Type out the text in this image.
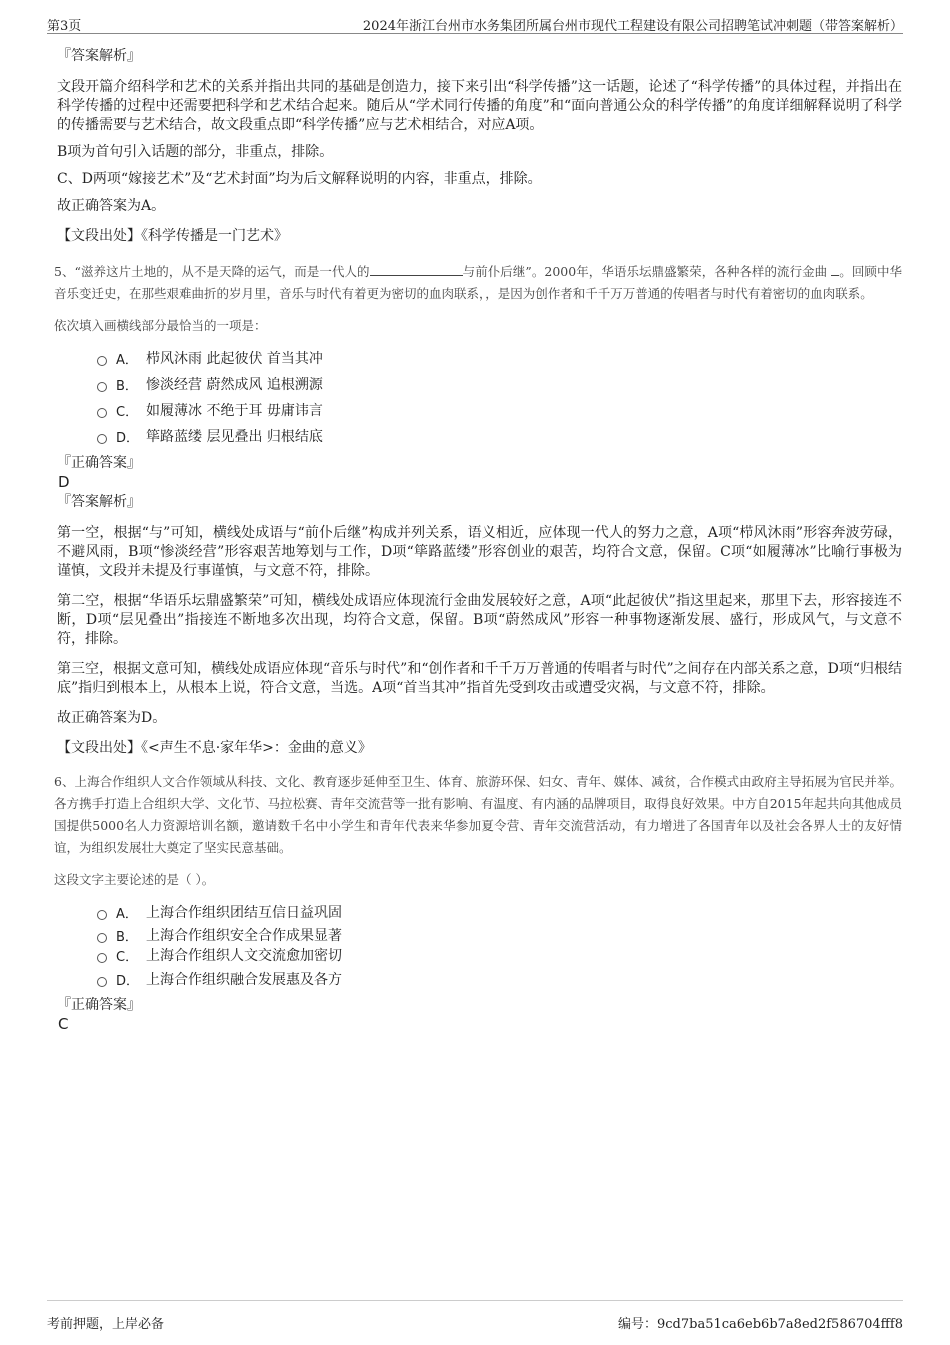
第3页	2024年浙江台州市水务集团所属台州市现代工程建设有限公司招聘笔试冲刺题（带答案解析）
『答案解析』

文段开篇介绍科学和艺术的关系并指出共同的基础是创造力，接下来引出“科学传播”这一话题，论述了“科学传播”的具体过程，并指出在科学传播的过程中还需要把科学和艺术结合起来。随后从“学术同行传播的角度”和“面向普通公众的科学传播”的角度详细解释说明了科学的传播需要与艺术结合，故文段重点即“科学传播”应与艺术相结合，对应A项。

B项为首句引入话题的部分，非重点，排除。

C、D两项“嫁接艺术”及“艺术封面”均为后文解释说明的内容，非重点，排除。

故正确答案为A。

【文段出处】《科学传播是一门艺术》

5、“滋养这片土地的，从不是天降的运气，而是一代人的	与前仆后继”。2000年，华语乐坛鼎盛繁荣，各种各样的流行金曲 。回顾中华音乐变迁史，在那些艰难曲折的岁月里，音乐与时代有着更为密切的血肉联系，，是因为创作者和千千万万普通的传唱者与时代有着密切的血肉联系。

依次填入画横线部分最恰当的一项是：

A． 栉风沐雨 此起彼伏 首当其冲
B． 惨淡经营 蔚然成风 追根溯源
C． 如履薄冰 不绝于耳 毋庸讳言
D． 筚路蓝缕 层见叠出 归根结底
『正确答案』
D
『答案解析』

第一空，根据“与”可知，横线处成语与“前仆后继”构成并列关系，语义相近，应体现一代人的努力之意，A项“栉风沐雨”形容奔波劳碌，不避风雨，B项“惨淡经营”形容艰苦地筹划与工作，D项“筚路蓝缕”形容创业的艰苦，均符合文意，保留。C项“如履薄冰”比喻行事极为谨慎，文段并未提及行事谨慎，与文意不符，排除。

第二空，根据“华语乐坛鼎盛繁荣”可知，横线处成语应体现流行金曲发展较好之意，A项“此起彼伏”指这里起来，那里下去，形容接连不断，D项“层见叠出”指接连不断地多次出现，均符合文意，保留。B项“蔚然成风”形容一种事物逐渐发展、盛行，形成风气，与文意不符，排除。

第三空，根据文意可知，横线处成语应体现“音乐与时代”和“创作者和千千万万普通的传唱者与时代”之间存在内部关系之意，D项“归根结底”指归到根本上，从根本上说，符合文意，当选。A项“首当其冲”指首先受到攻击或遭受灾祸，与文意不符，排除。

故正确答案为D。

【文段出处】《<声生不息·家年华>：金曲的意义》

6、上海合作组织人文合作领域从科技、文化、教育逐步延伸至卫生、体育、旅游环保、妇女、青年、媒体、减贫，合作模式由政府主导拓展为官民并举。各方携手打造上合组织大学、文化节、马拉松赛、青年交流营等一批有影响、有温度、有内涵的品牌项目，取得良好效果。中方自2015年起共向其他成员国提供5000名人力资源培训名额，邀请数千名中小学生和青年代表来华参加夏令营、青年交流营活动，有力增进了各国青年以及社会各界人士的友好情谊，为组织发展壮大奠定了坚实民意基础。

这段文字主要论述的是（ ）。

A． 上海合作组织团结互信日益巩固
B． 上海合作组织安全合作成果显著
C． 上海合作组织人文交流愈加密切
D． 上海合作组织融合发展惠及各方
『正确答案』
C
考前押题，上岸必备	编号：9cd7ba51ca6eb6b7a8ed2f586704fff8
